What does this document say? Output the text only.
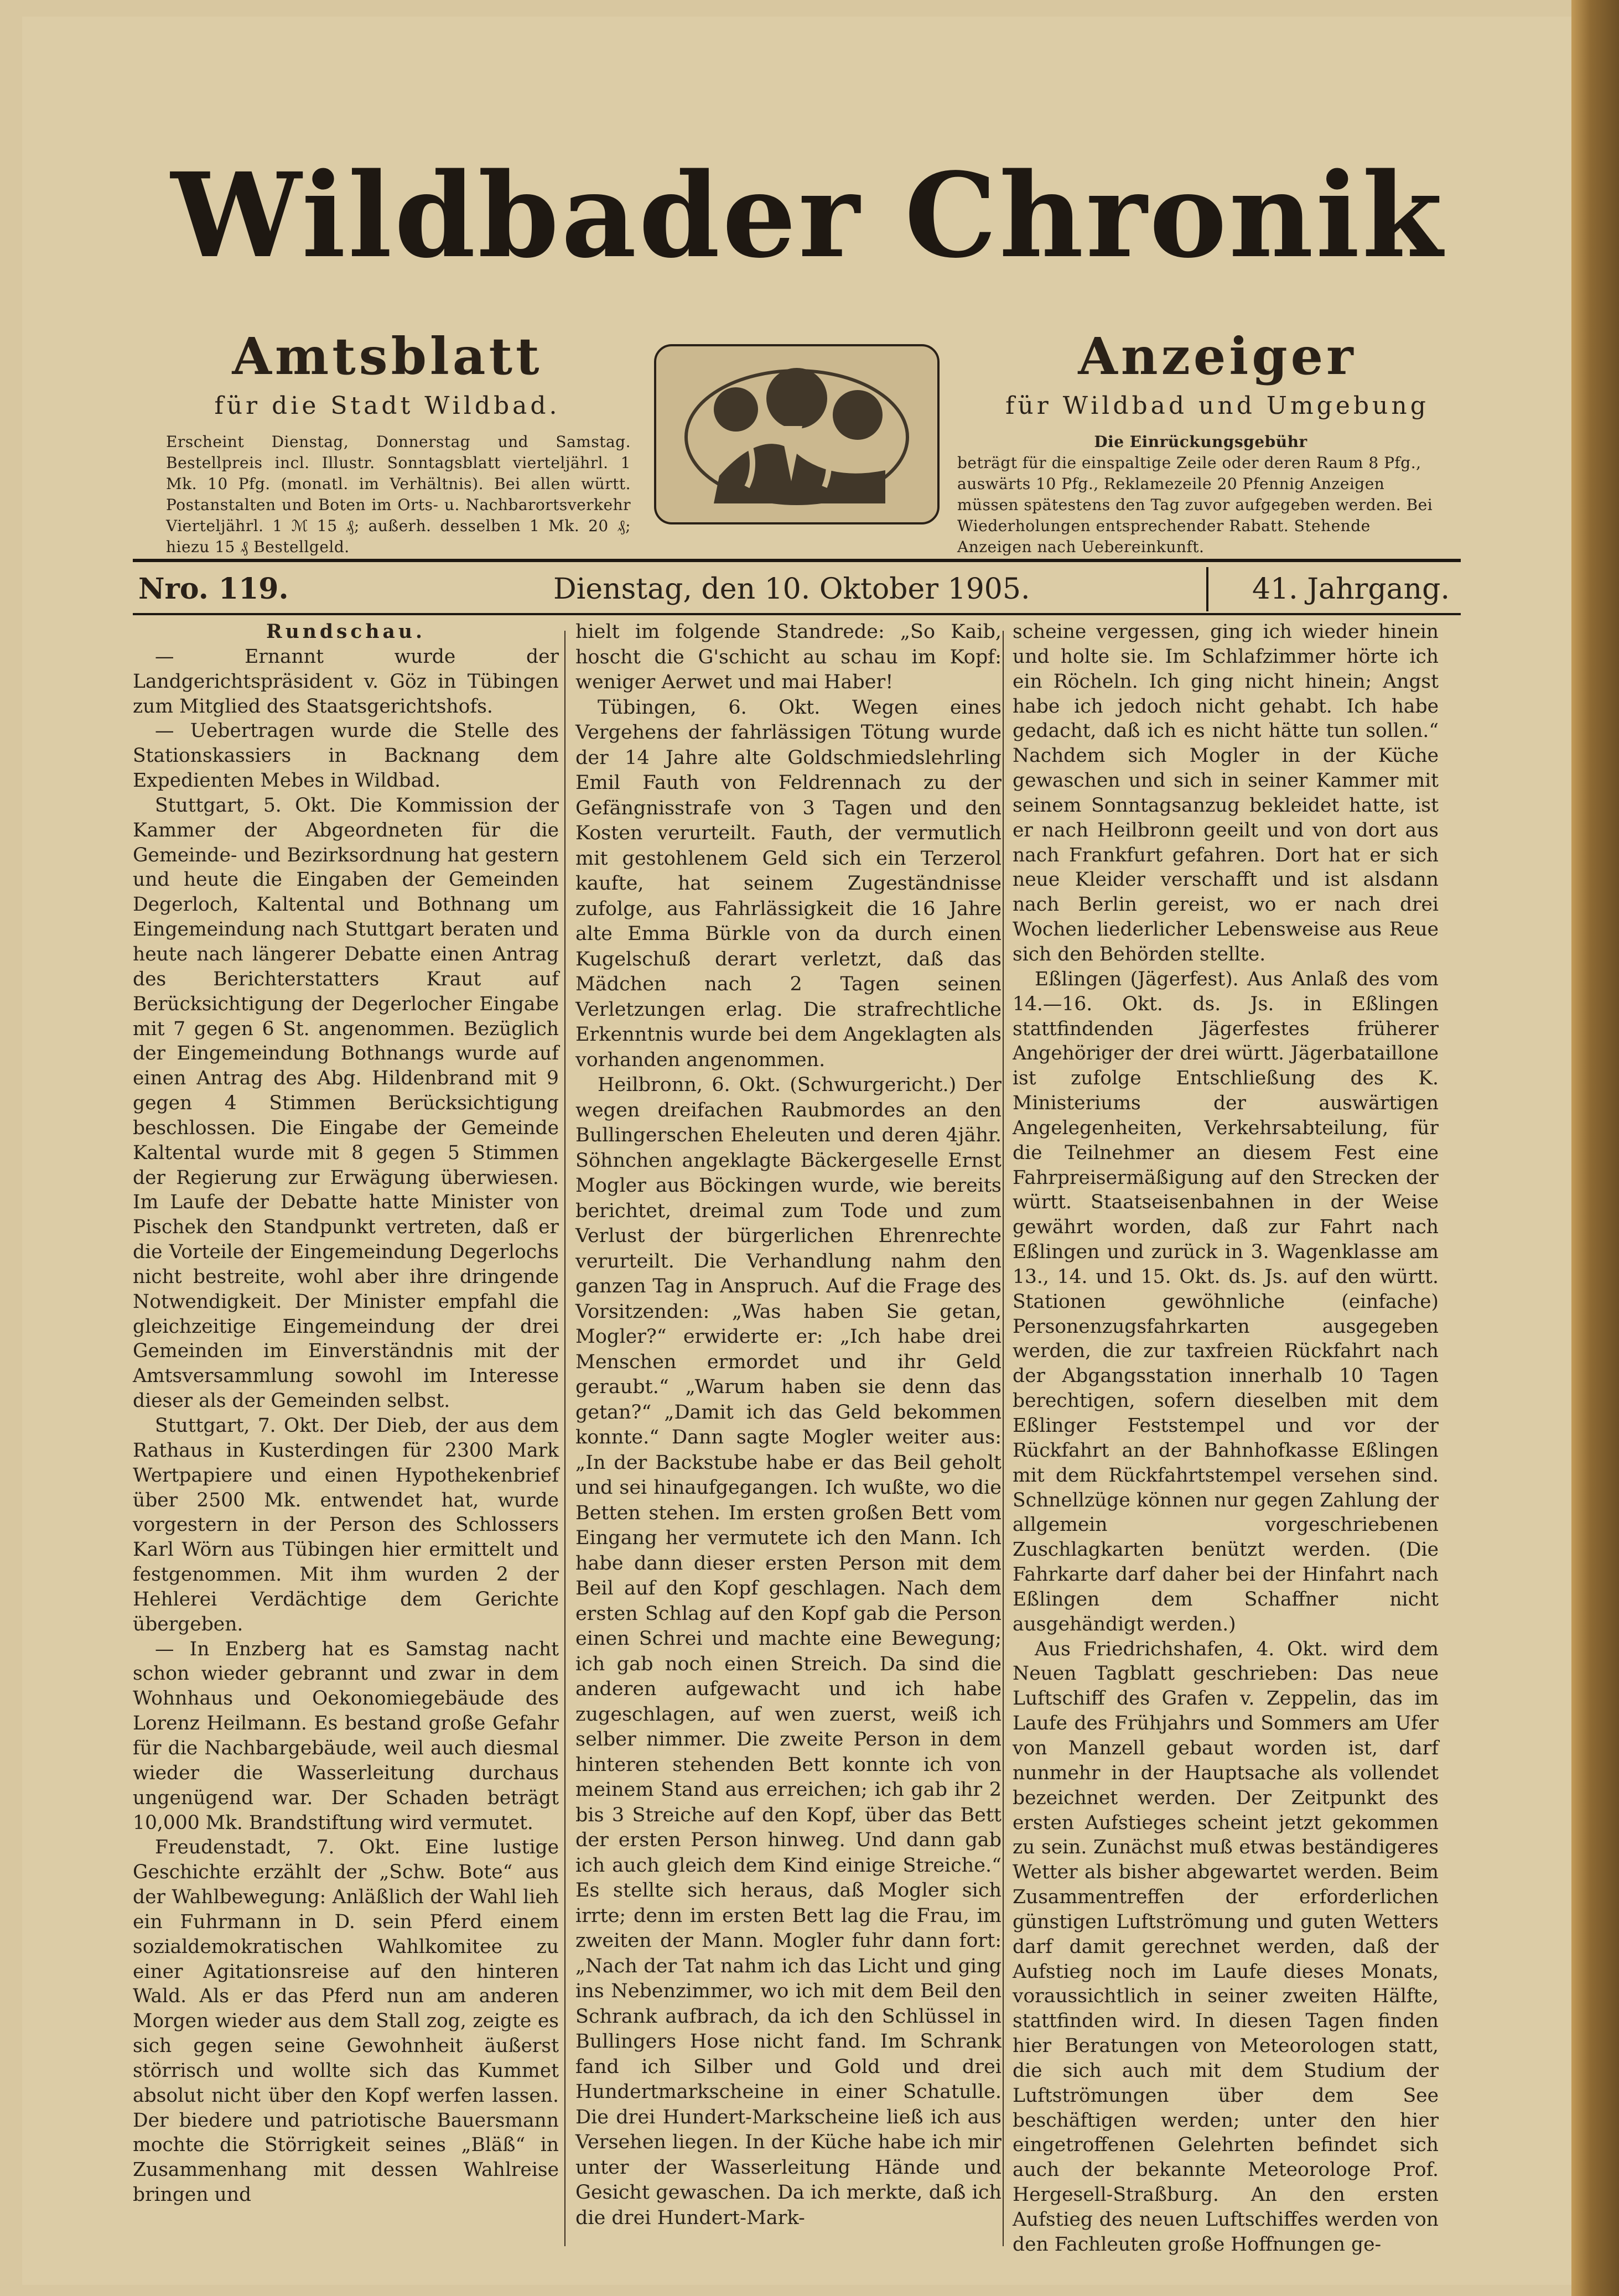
Wildbader Chronik
Amtsblatt
für die Stadt Wildbad.
Anzeiger
für Wildbad und Umgebung
Erscheint Dienstag, Donnerstag und Samstag. Bestellpreis incl. Illustr. Sonntagsblatt vierteljährl. 1 Mk. 10 Pfg. (monatl. im Verhältnis). Bei allen württ. Postanstalten und Boten im Orts- u. Nachbarortsverkehr Vierteljährl. 1 ℳ 15 ₰; außerh. desselben 1 Mk. 20 ₰; hiezu 15 ₰ Bestellgeld.
Die Einrückungsgebühr
beträgt für die einspaltige Zeile oder deren Raum 8 Pfg., auswärts 10 Pfg., Reklamezeile 20 Pfennig Anzeigen müssen spätestens den Tag zuvor aufgegeben werden. Bei Wiederholungen entsprechender Rabatt. Stehende Anzeigen nach Uebereinkunft.
Nro. 119.	Dienstag, den 10. Oktober 1905.	41. Jahrgang.

Rundschau.

— Ernannt wurde der Landgerichtspräsident v. Göz in Tübingen zum Mitglied des Staatsgerichtshofs.

— Uebertragen wurde die Stelle des Stationskassiers in Backnang dem Expedienten Mebes in Wildbad.

Stuttgart, 5. Okt. Die Kommission der Kammer der Abgeordneten für die Gemeinde- und Bezirksordnung hat gestern und heute die Eingaben der Gemeinden Degerloch, Kaltental und Bothnang um Eingemeindung nach Stuttgart beraten und heute nach längerer Debatte einen Antrag des Berichterstatters Kraut auf Berücksichtigung der Degerlocher Eingabe mit 7 gegen 6 St. angenommen. Bezüglich der Eingemeindung Bothnangs wurde auf einen Antrag des Abg. Hildenbrand mit 9 gegen 4 Stimmen Berücksichtigung beschlossen. Die Eingabe der Gemeinde Kaltental wurde mit 8 gegen 5 Stimmen der Regierung zur Erwägung überwiesen. Im Laufe der Debatte hatte Minister von Pischek den Standpunkt vertreten, daß er die Vorteile der Eingemeindung Degerlochs nicht bestreite, wohl aber ihre dringende Notwendigkeit. Der Minister empfahl die gleichzeitige Eingemeindung der drei Gemeinden im Einverständnis mit der Amtsversammlung sowohl im Interesse dieser als der Gemeinden selbst.

Stuttgart, 7. Okt. Der Dieb, der aus dem Rathaus in Kusterdingen für 2300 Mark Wertpapiere und einen Hypothekenbrief über 2500 Mk. entwendet hat, wurde vorgestern in der Person des Schlossers Karl Wörn aus Tübingen hier ermittelt und festgenommen. Mit ihm wurden 2 der Hehlerei Verdächtige dem Gerichte übergeben.

— In Enzberg hat es Samstag nacht schon wieder gebrannt und zwar in dem Wohnhaus und Oekonomiegebäude des Lorenz Heilmann. Es bestand große Gefahr für die Nachbargebäude, weil auch diesmal wieder die Wasserleitung durchaus ungenügend war. Der Schaden beträgt 10,000 Mk. Brandstiftung wird vermutet.

Freudenstadt, 7. Okt. Eine lustige Geschichte erzählt der „Schw. Bote“ aus der Wahlbewegung: Anläßlich der Wahl lieh ein Fuhrmann in D. sein Pferd einem sozialdemokratischen Wahlkomitee zu einer Agitationsreise auf den hinteren Wald. Als er das Pferd nun am anderen Morgen wieder aus dem Stall zog, zeigte es sich gegen seine Gewohnheit äußerst störrisch und wollte sich das Kummet absolut nicht über den Kopf werfen lassen. Der biedere und patriotische Bauersmann mochte die Störrigkeit seines „Bläß“ in Zusammenhang mit dessen Wahlreise bringen und

hielt im folgende Standrede: „So Kaib, hoscht die G'schicht au schau im Kopf: weniger Aerwet und mai Haber!

Tübingen, 6. Okt. Wegen eines Vergehens der fahrlässigen Tötung wurde der 14 Jahre alte Goldschmiedslehrling Emil Fauth von Feldrennach zu der Gefängnisstrafe von 3 Tagen und den Kosten verurteilt. Fauth, der vermutlich mit gestohlenem Geld sich ein Terzerol kaufte, hat seinem Zugeständnisse zufolge, aus Fahrlässigkeit die 16 Jahre alte Emma Bürkle von da durch einen Kugelschuß derart verletzt, daß das Mädchen nach 2 Tagen seinen Verletzungen erlag. Die strafrechtliche Erkenntnis wurde bei dem Angeklagten als vorhanden angenommen.

Heilbronn, 6. Okt. (Schwurgericht.) Der wegen dreifachen Raubmordes an den Bullingerschen Eheleuten und deren 4jähr. Söhnchen angeklagte Bäckergeselle Ernst Mogler aus Böckingen wurde, wie bereits berichtet, dreimal zum Tode und zum Verlust der bürgerlichen Ehrenrechte verurteilt. Die Verhandlung nahm den ganzen Tag in Anspruch. Auf die Frage des Vorsitzenden: „Was haben Sie getan, Mogler?“ erwiderte er: „Ich habe drei Menschen ermordet und ihr Geld geraubt.“ „Warum haben sie denn das getan?“ „Damit ich das Geld bekommen konnte.“ Dann sagte Mogler weiter aus: „In der Backstube habe er das Beil geholt und sei hinaufgegangen. Ich wußte, wo die Betten stehen. Im ersten großen Bett vom Eingang her vermutete ich den Mann. Ich habe dann dieser ersten Person mit dem Beil auf den Kopf geschlagen. Nach dem ersten Schlag auf den Kopf gab die Person einen Schrei und machte eine Bewegung; ich gab noch einen Streich. Da sind die anderen aufgewacht und ich habe zugeschlagen, auf wen zuerst, weiß ich selber nimmer. Die zweite Person in dem hinteren stehenden Bett konnte ich von meinem Stand aus erreichen; ich gab ihr 2 bis 3 Streiche auf den Kopf, über das Bett der ersten Person hinweg. Und dann gab ich auch gleich dem Kind einige Streiche.“ Es stellte sich heraus, daß Mogler sich irrte; denn im ersten Bett lag die Frau, im zweiten der Mann. Mogler fuhr dann fort: „Nach der Tat nahm ich das Licht und ging ins Nebenzimmer, wo ich mit dem Beil den Schrank aufbrach, da ich den Schlüssel in Bullingers Hose nicht fand. Im Schrank fand ich Silber und Gold und drei Hundertmarkscheine in einer Schatulle. Die drei Hundert-Markscheine ließ ich aus Versehen liegen. In der Küche habe ich mir unter der Wasserleitung Hände und Gesicht gewaschen. Da ich merkte, daß ich die drei Hundert-Mark-

scheine vergessen, ging ich wieder hinein und holte sie. Im Schlafzimmer hörte ich ein Röcheln. Ich ging nicht hinein; Angst habe ich jedoch nicht gehabt. Ich habe gedacht, daß ich es nicht hätte tun sollen.“ Nachdem sich Mogler in der Küche gewaschen und sich in seiner Kammer mit seinem Sonntagsanzug bekleidet hatte, ist er nach Heilbronn geeilt und von dort aus nach Frankfurt gefahren. Dort hat er sich neue Kleider verschafft und ist alsdann nach Berlin gereist, wo er nach drei Wochen liederlicher Lebensweise aus Reue sich den Behörden stellte.

Eßlingen (Jägerfest). Aus Anlaß des vom 14.—16. Okt. ds. Js. in Eßlingen stattfindenden Jägerfestes früherer Angehöriger der drei württ. Jägerbataillone ist zufolge Entschließung des K. Ministeriums der auswärtigen Angelegenheiten, Verkehrsabteilung, für die Teilnehmer an diesem Fest eine Fahrpreisermäßigung auf den Strecken der württ. Staatseisenbahnen in der Weise gewährt worden, daß zur Fahrt nach Eßlingen und zurück in 3. Wagenklasse am 13., 14. und 15. Okt. ds. Js. auf den württ. Stationen gewöhnliche (einfache) Personenzugsfahrkarten ausgegeben werden, die zur taxfreien Rückfahrt nach der Abgangsstation innerhalb 10 Tagen berechtigen, sofern dieselben mit dem Eßlinger Feststempel und vor der Rückfahrt an der Bahnhofkasse Eßlingen mit dem Rückfahrtstempel versehen sind. Schnellzüge können nur gegen Zahlung der allgemein vorgeschriebenen Zuschlagkarten benützt werden. (Die Fahrkarte darf daher bei der Hinfahrt nach Eßlingen dem Schaffner nicht ausgehändigt werden.)

Aus Friedrichshafen, 4. Okt. wird dem Neuen Tagblatt geschrieben: Das neue Luftschiff des Grafen v. Zeppelin, das im Laufe des Frühjahrs und Sommers am Ufer von Manzell gebaut worden ist, darf nunmehr in der Hauptsache als vollendet bezeichnet werden. Der Zeitpunkt des ersten Aufstieges scheint jetzt gekommen zu sein. Zunächst muß etwas beständigeres Wetter als bisher abgewartet werden. Beim Zusammentreffen der erforderlichen günstigen Luftströmung und guten Wetters darf damit gerechnet werden, daß der Aufstieg noch im Laufe dieses Monats, voraussichtlich in seiner zweiten Hälfte, stattfinden wird. In diesen Tagen finden hier Beratungen von Meteorologen statt, die sich auch mit dem Studium der Luftströmungen über dem See beschäftigen werden; unter den hier eingetroffenen Gelehrten befindet sich auch der bekannte Meteorologe Prof. Hergesell-Straßburg. An den ersten Aufstieg des neuen Luftschiffes werden von den Fachleuten große Hoffnungen ge-
